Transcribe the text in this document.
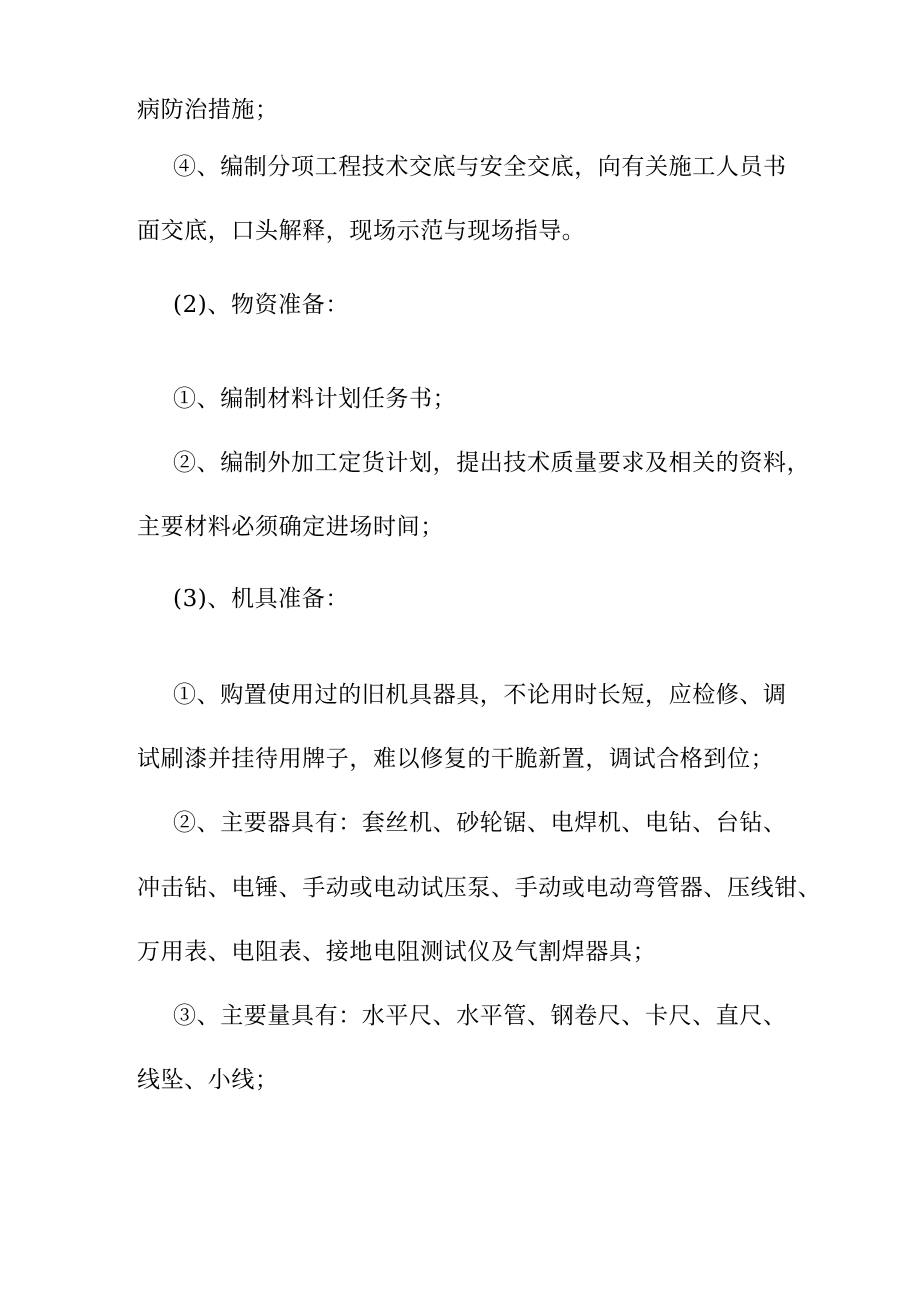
病防治措施；
④、编制分项工程技术交底与安全交底，向有关施工人员书
面交底，口头解释，现场示范与现场指导。
(2)、物资准备：
①、编制材料计划任务书；
②、编制外加工定货计划，提出技术质量要求及相关的资料，
主要材料必须确定进场时间；
(3)、机具准备：
①、购置使用过的旧机具器具，不论用时长短，应检修、调
试刷漆并挂待用牌子，难以修复的干脆新置，调试合格到位；
②、主要器具有：套丝机、砂轮锯、电焊机、电钻、台钻、
冲击钻、电锤、手动或电动试压泵、手动或电动弯管器、压线钳、
万用表、电阻表、接地电阻测试仪及气割焊器具；
③、主要量具有：水平尺、水平管、钢卷尺、卡尺、直尺、
线坠、小线；
